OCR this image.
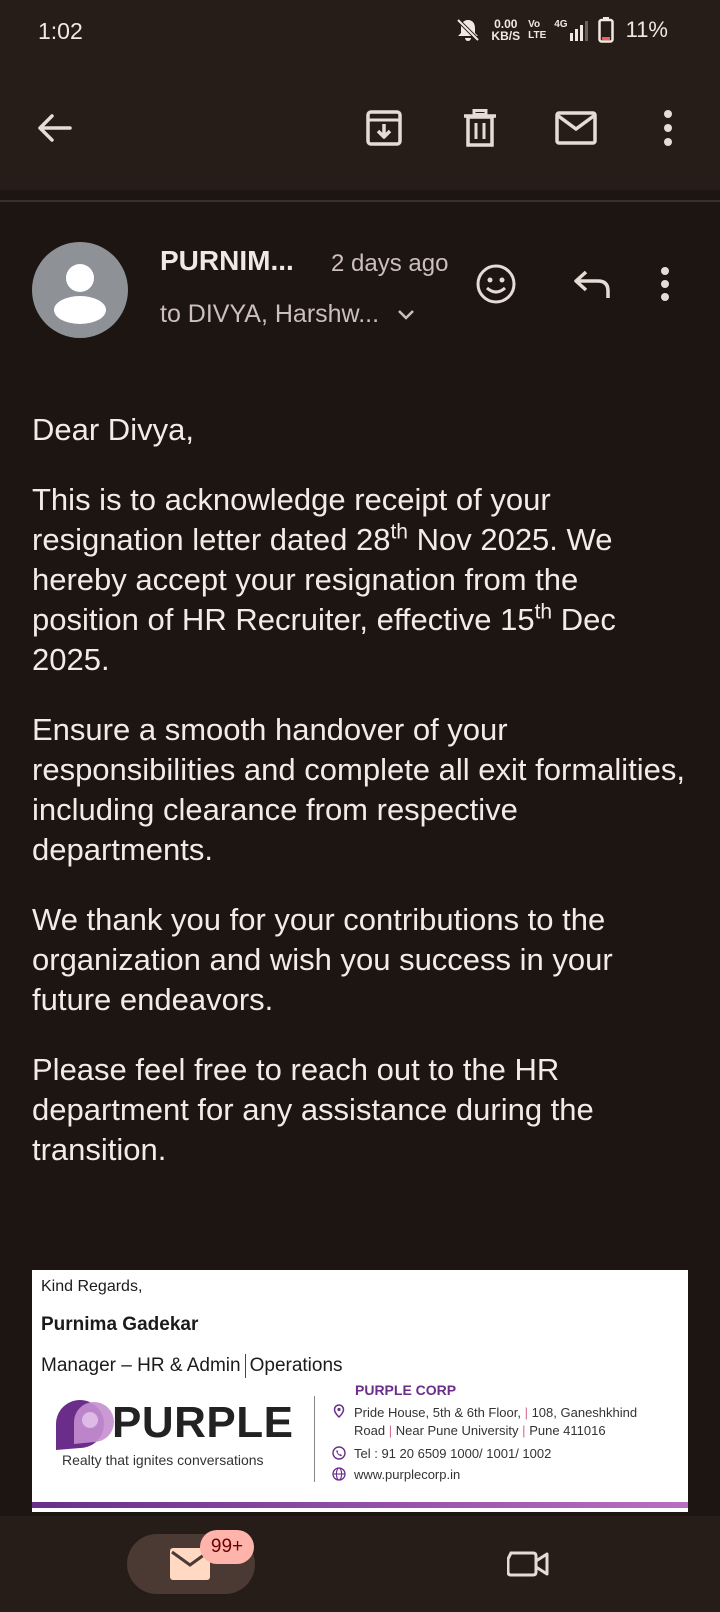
1:02	0.00
KB/S
Vo
LTE
4G	11%
PURNIM... 2 days ago
to DIVYA, Harshw...

Dear Divya,

This is to acknowledge receipt of your resignation letter dated 28th Nov 2025. We hereby accept your resignation from the position of HR Recruiter, effective 15th Dec 2025.

Ensure a smooth handover of your responsibilities and complete all exit formalities, including clearance from respective departments.

We thank you for your contributions to the organization and wish you success in your future endeavors.

Please feel free to reach out to the HR department for any assistance during the transition.

Kind Regards,
Purnima Gadekar
Manager – HR & Admin Operations
PURPLE
Realty that ignites conversations
PURPLE CORP
Pride House, 5th & 6th Floor, | 108, Ganeshkhind
Road | Near Pune University | Pune 411016
Tel : 91 20 6509 1000/ 1001/ 1002
www.purplecorp.in
99+
